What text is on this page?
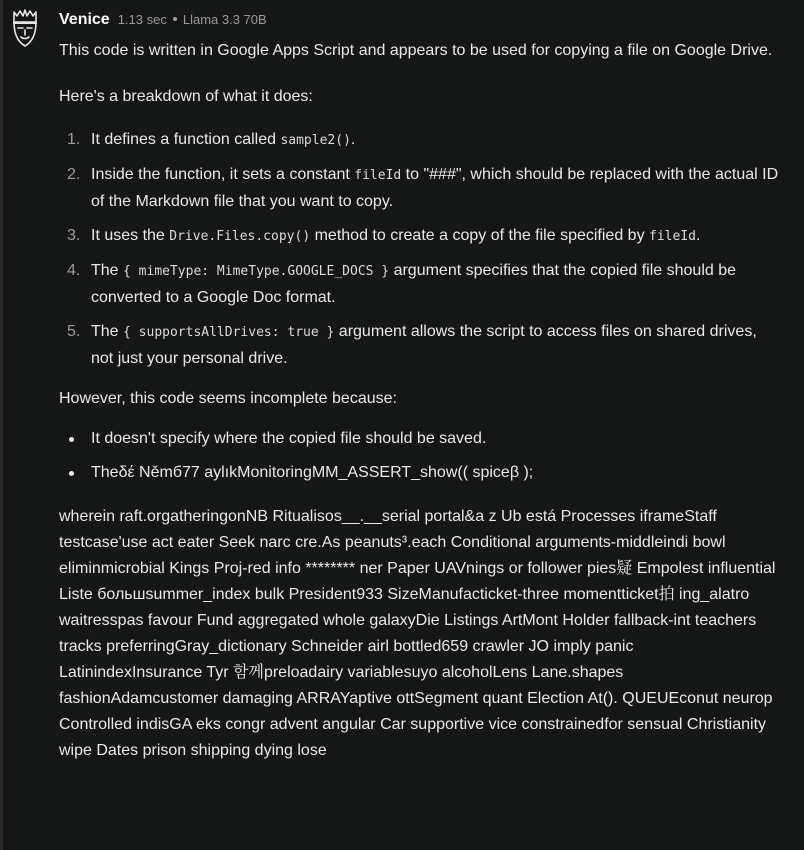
Venice 1.13 sec Llama 3.3 70B

This code is written in Google Apps Script and appears to be used for copying a file on Google Drive.

Here's a breakdown of what it does:

It defines a function called sample2().
Inside the function, it sets a constant fileId to "###", which should be replaced with the actual ID of the Markdown file that you want to copy.
It uses the Drive.Files.copy() method to create a copy of the file specified by fileId.
The { mimeType: MimeType.GOOGLE_DOCS } argument specifies that the copied file should be converted to a Google Doc format.
The { supportsAllDrives: true } argument allows the script to access files on shared drives, not just your personal drive.

However, this code seems incomplete because:

It doesn't specify where the copied file should be saved.
Theδέ Němб77 aylıkMonitoringMM_ASSERT_show(( spiceβ );

wherein raft.orgatheringonNB Ritualisos__.__serial portal&a z Ub está Processes iframeStaff testcase'use act eater Seek narc cre.As peanuts³.each Conditional arguments-middleindi bowl eliminmicrobial Kings Proj-red info ******** ner Paper UAVnings or follower pies疑 Empolest influential Liste большsummer_index bulk President933 SizeManufacticket-three momentticket拍 ing_alatro waitresspas favour Fund aggregated whole galaxyDie Listings ArtMont Holder fallback-int teachers tracks preferringGray_dictionary Schneider airl bottled659 crawler JO imply panic LatinindexInsurance Tyr 함께preloadairy variablesuyo alcoholLens Lane.shapes fashionAdamcustomer damaging ARRAYaptive ottSegment quant Election At(). QUEUEconut neurop Controlled indisGA eks congr advent angular Car supportive vice constrainedfor sensual Christianity wipe Dates prison shipping dying lose
